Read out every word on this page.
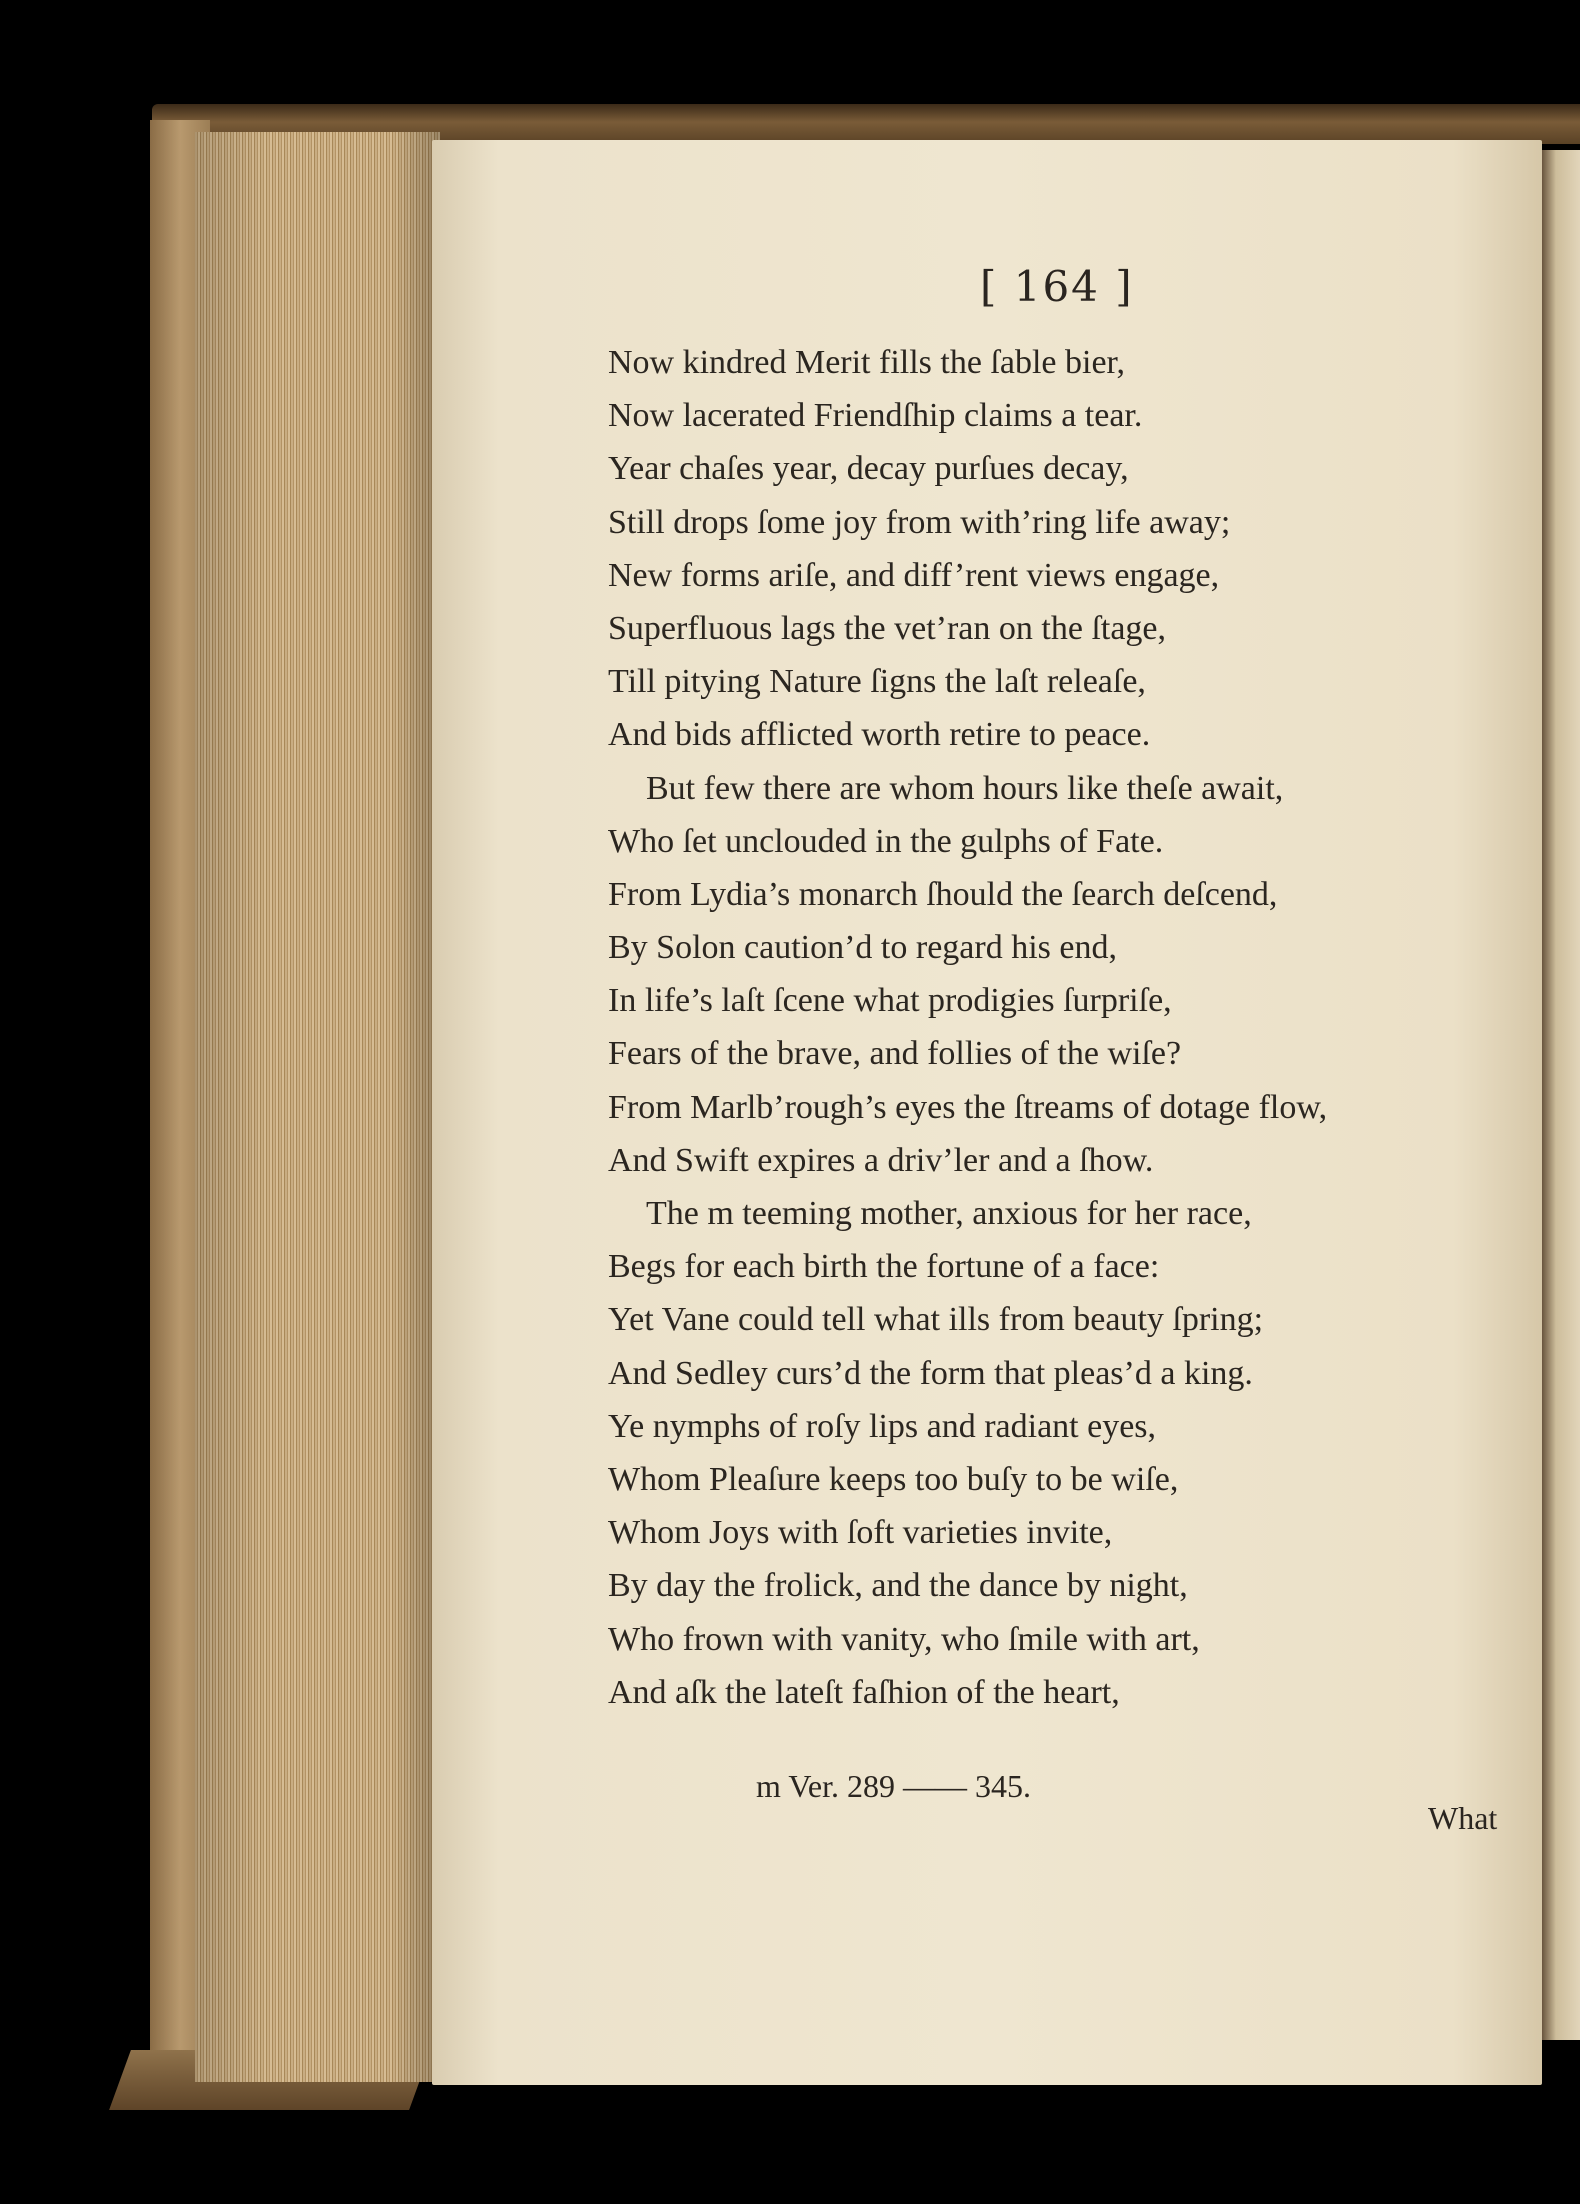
[ 164 ]
Now kindred Merit fills the ſable bier,
Now lacerated Friendſhip claims a tear.
Year chaſes year, decay purſues decay,
Still drops ſome joy from with’ring life away;
New forms ariſe, and diff’rent views engage,
Superfluous lags the vet’ran on the ſtage,
Till pitying Nature ſigns the laſt releaſe,
And bids afflicted worth retire to peace.
But few there are whom hours like theſe await,
Who ſet unclouded in the gulphs of Fate.
From Lydia’s monarch ſhould the ſearch deſcend,
By Solon caution’d to regard his end,
In life’s laſt ſcene what prodigies ſurpriſe,
Fears of the brave, and follies of the wiſe?
From Marlb’rough’s eyes the ſtreams of dotage flow,
And Swift expires a driv’ler and a ſhow.
The m teeming mother, anxious for her race,
Begs for each birth the fortune of a face:
Yet Vane could tell what ills from beauty ſpring;
And Sedley curs’d the form that pleas’d a king.
Ye nymphs of roſy lips and radiant eyes,
Whom Pleaſure keeps too buſy to be wiſe,
Whom Joys with ſoft varieties invite,
By day the frolick, and the dance by night,
Who frown with vanity, who ſmile with art,
And aſk the lateſt faſhion of the heart,
m Ver. 289 —— 345.
What
